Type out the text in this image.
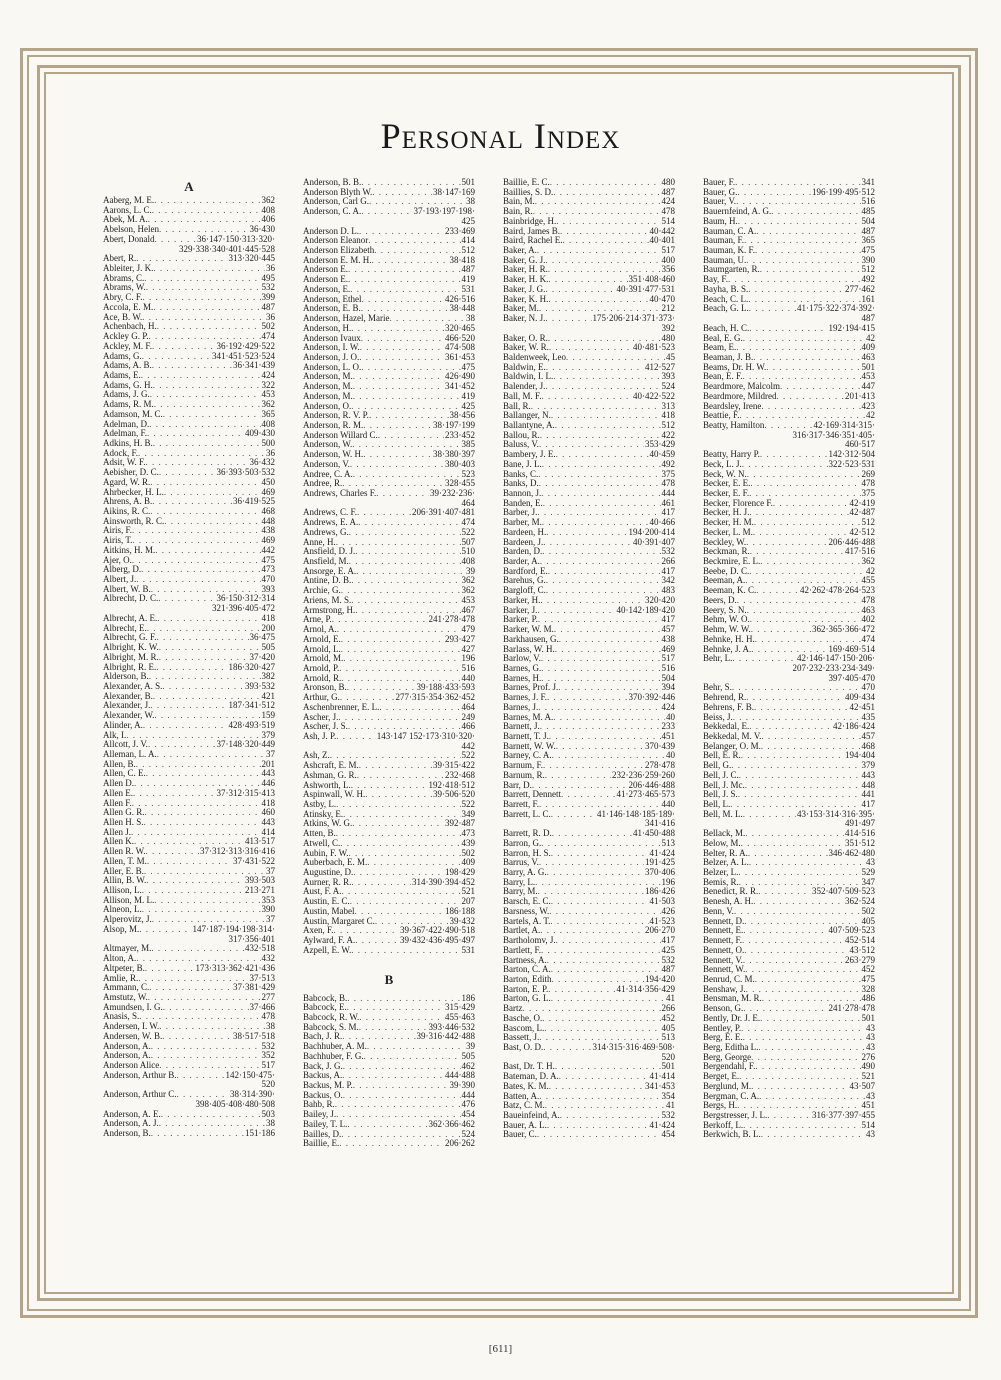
Personal Index
A
Aaberg, M. E. . . .	362
Aarons, L. C. . . .	408
Abek, M. A. . . .	406
Abelson, Helen . . .	36·430
Abert, Donald . . .	36·147·150·313·320·
329·338·340·401·445·528
Abert, R. . . .	313·320·445
Ableiter, J. K. . . .	36
Abrams, C. . . .	495
Abrams, W. . . .	532
Abry, C. F. . . .	399
Accola, E. M. . . .	487
Ace, B. W. . . .	36
Achenbach, H. . . .	502
Ackley G. P. . . .	474
Ackley, M. F. . . .	36·192·429·522
Adams, G. . . .	341·451·523·524
Adams, A. B. . . .	36·341·439
Adams, E. . . .	424
Adams, G. H. . . .	322
Adams, J. G. . . .	453
Adams, R. M. . . .	362
Adamson, M. C. . . .	365
Adelman, D. . . .	408
Adelman, F. . . .	409·430
Adkins, H. B. . . .	500
Adock, F. . . .	36
Adsit, W. F. . . .	36·432
Aebisher, D. C. . . .	36·393·503·532
Agard, W. R. . . .	450
Ahrbecker, H. L. . . .	469
Ahrens, A. B. . . .	36·419·525
Aikins, R. C. . . .	468
Ainsworth, R. C. . . .	448
Airis, F. . . .	438
Airis, T. . . .	469
Aitkins, H. M. . . .	442
Ajer, O. . . .	475
Alberg, D. . . .	473
Albert, J. . . .	470
Albert, W. B. . . .	393
Albrecht, D. C. . . .	36·150·312·314
321·396·405·472
Albrecht, A. E. . . .	418
Albrecht, E. . . .	200
Albrecht, G. F. . . .	36·475
Albright, K. W. . . .	505
Albright, M. R. . . .	37·420
Albright, R. E. . . .	186·320·427
Alderson, B. . . .	382
Alexander, A. S. . . .	393·532
Alexander, B. . . .	421
Alexander, J. . . .	187·341·512
Alexander, W. . . .	159
Alinder, A. . . .	428·493·519
Alk, I. . . .	379
Allcott, J. V. . . .	37·148·320·449
Alleman, L. A. . . .	37
Allen, B. . . .	201
Allen, C. E. . . .	443
Allen D. . . .	446
Allen E. . . .	37·312·315·413
Allen F. . . .	418
Allen G. R. . . .	460
Allen H. S. . . .	443
Allen J. . . .	414
Allen K. . . .	413·517
Allen R. W. . . .	37·312·313·316·416
Allen, T. M. . . .	37·431·522
Aller, E. B. . . .	37
Allin, B. W. . . .	393·503
Allison, L. . . .	213·271
Allison, M. L. . . .	353
Alneon, L. . . .	390
Alperovitz, J. . . .	37
Alsop, M. . . .	147·187·194·198·314·
317·356·401
Altmayer, M. . . .	432·518
Alton, A. . . .	432
Altpeter, B. . . .	173·313·362·421·436
Amlie, R. . . .	37·513
Ammann, C. . . .	37·381·429
Amstutz, W. . . .	277
Amundsen, I. G. . . .	37·466
Anasis, S. . . .	478
Andersen, I. W. . . .	38
Andersen, W. B. . . .	38·517·518
Anderson, A. . . .	532
Anderson, A. . . .	352
Anderson Alice . . .	517
Anderson, Arthur B. . . .	142·150·475·
520
Anderson, Arthur C. . . .	38·314·390·
398·405·408·480·508
Anderson, A. E. . . .	503
Anderson, A. J. . . .	38
Anderson, B. . . .	151·186
Anderson, B. B. . . .	501
Anderson Blyth W. . . .	38·147·169
Anderson, Carl G. . . .	38
Anderson, C. A. . . .	37·193·197·198·
425
Anderson D. L. . . .	233·469
Anderson Eleanor . . .	414
Anderson Elizabeth . . .	512
Anderson E. M. H. . . .	38·418
Anderson E. . . .	487
Anderson E. . . .	419
Anderson, E. . . .	531
Anderson, Ethel . . .	426·516
Anderson, E. B. . . .	38·448
Anderson, Hazel, Marie . . .	38
Anderson, H. . . .	320·465
Anderson Ivaux . . .	466·520
Anderson, I. W. . . .	474·508
Anderson, J. O. . . .	361·453
Anderson, L. O. . . .	475
Anderson, M. . . .	426·490
Anderson, M. . . .	341·452
Anderson, M. . . .	419
Anderson, O. . . .	425
Anderson, R. V. P. . . .	38·456
Anderson, R. M. . . .	38·197·199
Anderson Willard C. . . .	233·452
Anderson, W. . . .	385
Anderson, W. H. . . .	38·380·397
Anderson, V. . . .	380·403
Andree, C. A. . . .	523
Andree, R. . . .	328·455
Andrews, Charles F. . . .	39·232·236·
464
Andrews, C. F. . . .	206·391·407·481
Andrews, E. A. . . .	474
Andrews, G. . . .	522
Anne, H. . . .	507
Ansfield, D. J. . . .	510
Ansfield, M. . . .	408
Ansorge, E. A. . . .	39
Antine, D. B. . . .	362
Archie, G. . . .	362
Ariens, M. S. . . .	453
Armstrong, H. . . .	467
Arne, P. . . .	241·278·478
Arnol, A. . . .	479
Arnold, E. . . .	293·427
Arnold, L. . . .	427
Arnold, M. . . .	196
Arnold, P. . . .	516
Arnold, R. . . .	440
Aronson, B. . . .	39·188·433·593
Arthur, G. . . .	277·315·354·362·452
Aschenbrenner, E. L. . . .	464
Ascher, J. . . .	249
Ascher, J. S. . . .	466
Ash, J. P. . . .	143·147 152·173·310·320·
442
Ash, Z. . . .	522
Ashcraft, E. M. . . .	39·315·422
Ashman, G. R. . . .	232·468
Ashworth, L. . . .	192·418·512
Aspinwall, W. H. . . .	39·506·520
Astby, L. . . .	522
Atinsky, E. . . .	349
Atkins, W. G. . . .	392·487
Atten, B. . . .	473
Atwell, C. . . .	439
Aubin, F. W. . . .	502
Auberbach, E. M. . . .	409
Augustine, D. . . .	198·429
Aurner, R. R. . . .	314·390·394·452
Aust, F. A. . . .	521
Austin, E. C. . . .	207
Austin, Mabel . . .	186·188
Austin, Margaret C. . . .	39·432
Axen, F. . . .	39·367·422·490·518
Aylward, F. A. . . .	39·432·436·495·497
Azpell, E. W. . . .	531
B
Babcock, B. . . .	186
Babcock, E. . . .	315·429
Babcock, R. W. . . .	455·463
Babcock, S. M. . . .	393·446·532
Bach, J. R. . . .	39·316·442·488
Bachhuber, A. M. . . .	39
Bachhuber, F. G. . . .	505
Back, J. G. . . .	462
Backus, A. . . .	444·488
Backus, M. P. . . .	39·390
Backus, O. . . .	444
Bahb, R. . . .	476
Bailey, J. . . .	454
Bailey, T. L. . . .	362·366·462
Bailles, D. . . .	524
Baillie, E. . . .	206·262
Baillie, E. C. . . .	480
Baillies, S. D. . . .	487
Bain, M. . . .	424
Bain, R. . . .	478
Bainbridge, H. . . .	514
Baird, James B. . . .	40·442
Baird, Rachel E. . . .	40·401
Baker, A. . . .	517
Baker, G. J. . . .	400
Baker, H. R. . . .	356
Baker, H. K. . . .	351·408·460
Baker, J. G. . . .	40·391·477·531
Baker, K. H. . . .	40·470
Baker, M. . . .	212
Baker, N. J. . . .	175·206·214·371·373·
392
Baker, O. R. . . .	480
Baker, W. R. . . .	40·481·523
Baldenweek, Leo . . .	45
Baldwin, E. . . .	412·527
Baldwin, I. L. . . .	393
Balender, J. . . .	524
Ball, M. F. . . .	40·422·522
Ball, R. . . .	313
Ballanger, N. . . .	418
Ballantyne, A. . . .	512
Ballou, R. . . .	422
Baluss, V. . . .	353·429
Bambery, J. E. . . .	40·459
Bane, J. L. . . .	492
Banks, C. . . .	375
Banks, D. . . .	478
Bannon, J. . . .	444
Banden, E. . . .	461
Barber, J. . . .	417
Barber, M. . . .	40·466
Bardeen, H. . . .	194·200·414
Bardeen, J. . . .	40·391·407
Barden, D. . . .	532
Barder, A. . . .	266
Bardford, E. . . .	417
Barehus, G. . . .	342
Bargloff, C. . . .	483
Barker, H. . . .	320·420
Barker, J. . . .	40·142·189·420
Barker, P. . . .	417
Barker, W. M. . . .	457
Barkhausen, G. . . .	438
Barlass, W. H. . . .	469
Barlow, V. . . .	517
Barnes, G. . . .	516
Barnes, H. . . .	504
Barnes, Prof. J. . . .	394
Barnes, J. F. . . .	370·392·446
Barnes, J. . . .	424
Barnes, M. A. . . .	40
Barnett, J. . . .	233
Barnett, T. J. . . .	451
Barnett, W. W. . . .	370·439
Barney, C. A. . . .	40
Barnum, F. . . .	278·478
Barnum, R. . . .	232·236·259·260
Barr, D. . . .	206·446·488
Barrett, Dennett . . .	41·273·465·573
Barrett, F. . . .	440
Barrett, L. C. . . .	41·146·148·185·189·
341·416
Barrett, R. D. . . .	41·450·488
Barron, G. . . .	513
Barron, H. S. . . .	41·424
Barrus, V. . . .	191·425
Barry, A. G. . . .	370·406
Barry, L. . . .	196
Barry, M. . . .	186·426
Barsch, E. C. . . .	41·503
Barsness, W. . . .	426
Bartels, A. T. . . .	41·523
Bartlet, A. . . .	206·270
Bartholomv, J. . . .	417
Bartlett, F. . . .	425
Bartness, A. . . .	532
Barton, C. A. . . .	487
Barton, Edith . . .	194·420
Barton, E. P. . . .	41·314·356·429
Barton, G. L. . . .	41
Bartz . . .	266
Basche, O. . . .	452
Bascom, L. . . .	405
Bassett, J. . . .	513
Bast, O. D. . . .	314·315·316·469·508·
520
Bast, Dr. T. H. . . .	501
Bateman, D. A. . . .	41·414
Bates, K. M. . . .	341·453
Batten, A. . . .	354
Batz, C. M. . . .	41
Baueinfeind, A. . . .	532
Bauer, A. L. . . .	41·424
Bauer, C. . . .	454
Bauer, F. . . .	341
Bauer, G. . . .	196·199·495·512
Bauer, V. . . .	516
Bauernfeind, A. G. . . .	485
Baum, H. . . .	504
Bauman, C. A. . . .	487
Bauman, F. . . .	365
Bauman, K. F. . . .	475
Bauman, U. . . .	390
Baumgarten, R. . . .	512
Bay, F. . . .	492
Bayha, B. S. . . .	277·462
Beach, C. L. . . .	161
Beach, G. L. . . .	41·175·322·374·392·
487
Beach, H. C. . . .	192·194·415
Beal, E. G. . . .	42
Beam, E. . . .	409
Beaman, J. B. . . .	463
Beams, Dr. H. W. . . .	501
Bean, E. F. . . .	453
Beardmore, Malcolm . . .	447
Beardmore, Mildred . . .	201·413
Beardsley, Irene . . .	423
Beattie, F. . . .	42
Beatty, Hamilton . . .	42·169·314·315·
316·317·346·351·405·
460·517
Beatty, Harry P. . . .	142·312·504
Beck, L. J. . . .	322·523·531
Beck, W. N. . . .	269
Becker, E. E. . . .	478
Becker, E. F. . . .	375
Becker, Florence F. . . .	42·419
Becker, H. J. . . .	42·487
Becker, H. M. . . .	512
Becker, L. M. . . .	42·512
Beckley, W. . . .	206·446·488
Beckman, R. . . .	417·516
Beckmire, E. L. . . .	362
Beebe, D. C. . . .	42
Beeman, A. . . .	455
Beeman, K. C. . . .	42·262·478·264·523
Beers, D. . . .	478
Beery, S. N. . . .	463
Behm, W. O. . . .	402
Behm, W. W. . . .	362·365·366·472
Behnke, H. H. . . .	474
Behnke, J. A. . . .	169·469·514
Behr, L. . . .	42·146·147·150·206·
207·232·233·234·349·
397·405·470
Behr, S. . . .	470
Behrend, R. . . .	409·434
Behrens, F. B. . . .	42·451
Beiss, J. . . .	435
Bekkedal, E. . . .	42·186·424
Bekkedal, M. V. . . .	457
Belanger, O. M. . . .	468
Bell, E. R. . . .	194·404
Bell, G. . . .	379
Bell, J. C. . . .	443
Bell, J. Mc. . . .	448
Bell, J. S. . . .	441
Bell, L. . . .	417
Bell, M. L. . . .	43·153·314·316·395·
491·497
Bellack, M. . . .	414·516
Below, M. . . .	351·512
Belter, R. A. . . .	346·462·480
Belzer, A. L. . . .	43
Belzer, L. . . .	529
Bemis, R. . . .	347
Benedict, R. R. . . .	352·407·509·523
Benesh, A. H. . . .	362·524
Benn, V. . . .	502
Bennett, D. . . .	405
Bennett, E. . . .	407·509·523
Bennett, F. . . .	452·514
Bennett, O. . . .	43·512
Bennett, V. . . .	263·279
Bennett, W. . . .	452
Benrud, C. M. . . .	475
Benshaw, J. . . .	328
Bensman, M. R. . . .	486
Benson, G. . . .	241·278·478
Bently, Dr. J. E. . . .	501
Bentley, P. . . .	43
Berg, E. E. . . .	43
Berg, Editha L. . . .	43
Berg, George . . .	276
Bergendahl, F. . . .	490
Berget, E. . . .	521
Berglund, M. . . .	43·507
Bergman, C. A. . . .	43
Bergs, H. . . .	451
Bergstresser, J. L. . . .	316·377·397·455
Berkoff, L. . . .	514
Berkwich, B. L. . . .	43
[611]
